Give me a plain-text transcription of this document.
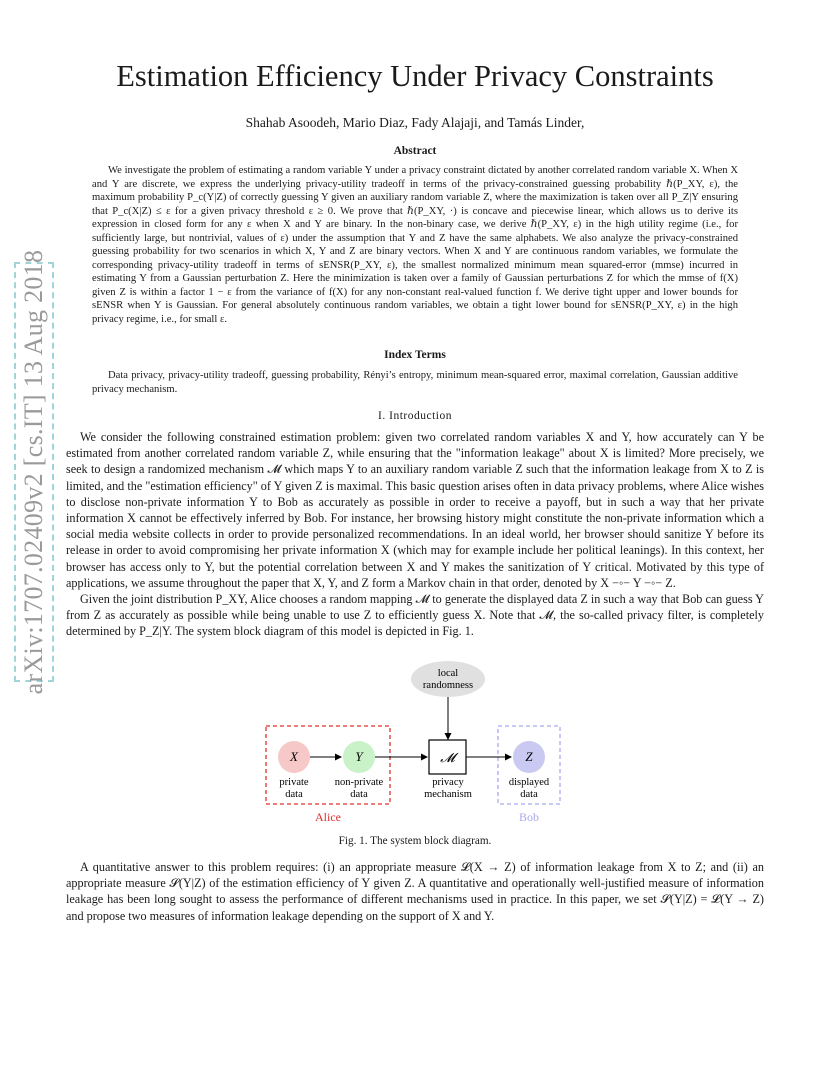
arXiv:1707.02409v2 [cs.IT] 13 Aug 2018
Estimation Efficiency Under Privacy Constraints
Shahab Asoodeh, Mario Diaz, Fady Alajaji, and Tamás Linder,
Abstract

We investigate the problem of estimating a random variable Y under a privacy constraint dictated by another correlated random variable X. When X and Y are discrete, we express the underlying privacy-utility tradeoff in terms of the privacy-constrained guessing probability ℏ(P_XY, ε), the maximum probability P_c(Y|Z) of correctly guessing Y given an auxiliary random variable Z, where the maximization is taken over all P_Z|Y ensuring that P_c(X|Z) ≤ ε for a given privacy threshold ε ≥ 0. We prove that ℏ(P_XY, ·) is concave and piecewise linear, which allows us to derive its expression in closed form for any ε when X and Y are binary. In the non-binary case, we derive ℏ(P_XY, ε) in the high utility regime (i.e., for sufficiently large, but nontrivial, values of ε) under the assumption that Y and Z have the same alphabets. We also analyze the privacy-constrained guessing probability for two scenarios in which X, Y and Z are binary vectors. When X and Y are continuous random variables, we formulate the corresponding privacy-utility tradeoff in terms of sENSR(P_XY, ε), the smallest normalized minimum mean squared-error (mmse) incurred in estimating Y from a Gaussian perturbation Z. Here the minimization is taken over a family of Gaussian perturbations Z for which the mmse of f(X) given Z is within a factor 1 − ε from the variance of f(X) for any non-constant real-valued function f. We derive tight upper and lower bounds for sENSR when Y is Gaussian. For general absolutely continuous random variables, we obtain a tight lower bound for sENSR(P_XY, ε) in the high privacy regime, i.e., for small ε.

Index Terms

Data privacy, privacy-utility tradeoff, guessing probability, Rényi’s entropy, minimum mean-squared error, maximal correlation, Gaussian additive privacy mechanism.

I. Introduction

We consider the following constrained estimation problem: given two correlated random variables X and Y, how accurately can Y be estimated from another correlated random variable Z, while ensuring that the "information leakage" about X is limited? More precisely, we seek to design a randomized mechanism 𝓜 which maps Y to an auxiliary random variable Z such that the information leakage from X to Z is limited, and the "estimation efficiency" of Y given Z is maximal. This basic question arises often in data privacy problems, where Alice wishes to disclose non-private information Y to Bob as accurately as possible in order to receive a payoff, but in such a way that her private information X cannot be effectively inferred by Bob. For instance, her browsing history might constitute the non-private information which a social media website collects in order to provide personalized recommendations. In an ideal world, her browser should sanitize Y before its release in order to avoid compromising her private information X (which may for example include her political leanings). In this context, her browser has access only to Y, but the potential correlation between X and Y makes the sanitization of Y critical. Motivated by this type of applications, we assume throughout the paper that X, Y, and Z form a Markov chain in that order, denoted by X −◦− Y −◦− Z.

Given the joint distribution P_XY, Alice chooses a random mapping 𝓜 to generate the displayed data Z in such a way that Bob can guess Y from Z as accurately as possible while being unable to use Z to efficiently guess X. Note that 𝓜, the so-called privacy filter, is completely determined by P_Z|Y. The system block diagram of this model is depicted in Fig. 1.

Alice	Bob
local
randomness
X	Y	𝓜	Z
private
data
non-private
data
privacy
mechanism
displayed
data
Fig. 1. The system block diagram.

A quantitative answer to this problem requires: (i) an appropriate measure 𝓛(X → Z) of information leakage from X to Z; and (ii) an appropriate measure 𝓢(Y|Z) of the estimation efficiency of Y given Z. A quantitative and operationally well-justified measure of information leakage has been long sought to assess the performance of different mechanisms used in practice. In this paper, we set 𝓢(Y|Z) = 𝓛(Y → Z) and propose two measures of information leakage depending on the support of X and Y.
